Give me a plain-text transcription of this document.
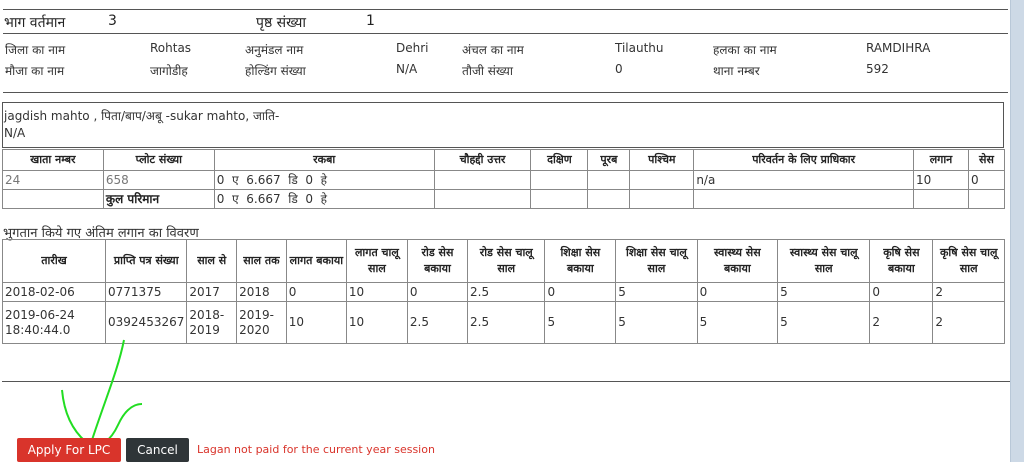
भाग वर्तमान	3	पृष्ठ संख्या	1
जिला का नाम	Rohtas	अनुमंडल नाम	Dehri	अंचल का नाम	Tilauthu	हलका का नाम	RAMDIHRA
मौजा का नाम	जागोडीह	होल्डिंग संख्या	N/A	तौजी संख्या	0	थाना नम्बर	592
jagdish mahto , पिता/बाप/अबू -sukar mahto, जाति-
N/A
खाता नम्बर	प्लोट संख्या	रकबा	चौहद्दी उत्तर	दक्षिण	पूरब	पश्चिम	परिवर्तन के लिए प्राधिकार	लगान	सेस
24	658	0  ए  6.667  डि  0  हे					n/a	10	0
	कुल परिमान	0  ए  6.667  डि  0  हे							
भुगतान किये गए अंतिम लगान का विवरण
तारीख	प्राप्ति पत्र संख्या	साल से	साल तक	लागत बकाया	लागत चालू साल	रोड सेस बकाया	रोड सेस चालू साल	शिक्षा सेस बकाया	शिक्षा सेस चालू साल	स्वास्थ्य सेस बकाया	स्वास्थ्य सेस चालू साल	कृषि सेस बकाया	कृषि सेस चालू साल
2018-02-06	0771375	2017	2018	0	10	0	2.5	0	5	0	5	0	2
2019-06-24 18:40:44.0	0392453267	2018-2019	2019-2020	10	10	2.5	2.5	5	5	5	5	2	2
Apply For LPC	Cancel	Lagan not paid for the current year session
